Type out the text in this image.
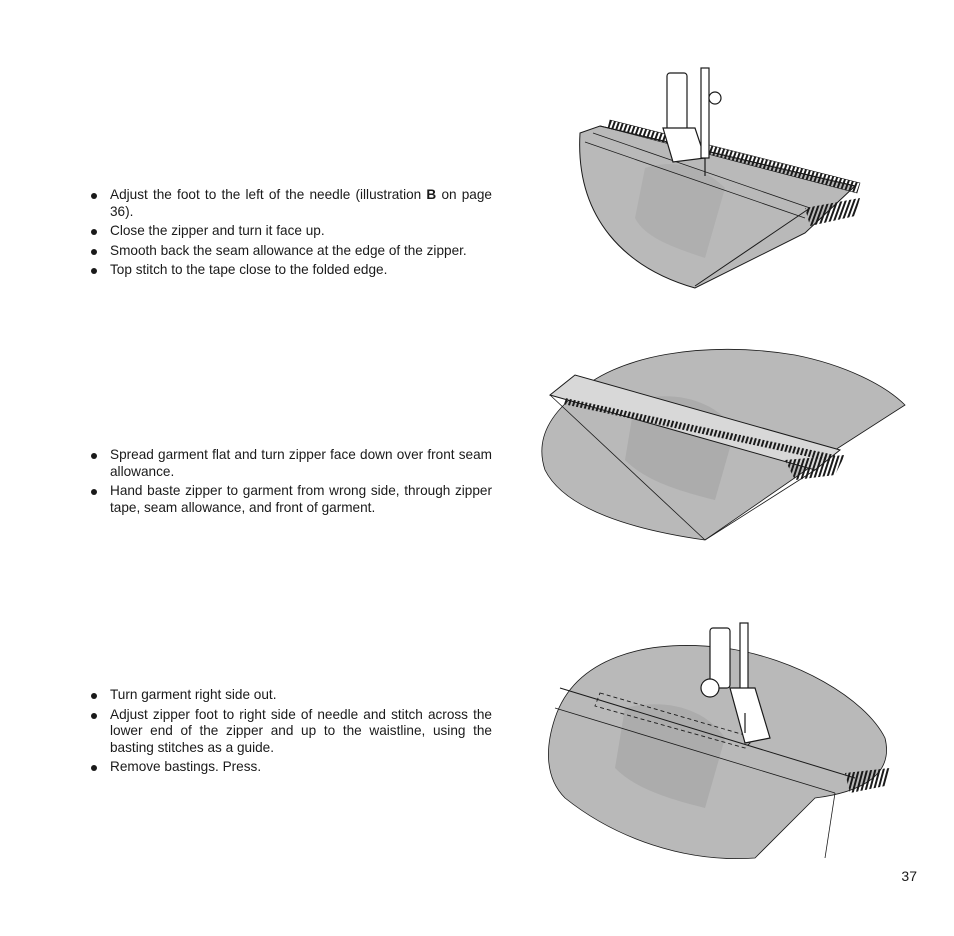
Adjust the foot to the left of the needle (illustration B on page 36).
Close the zipper and turn it face up.
Smooth back the seam allowance at the edge of the zipper.
Top stitch to the tape close to the folded edge.
Spread garment flat and turn zipper face down over front seam allowance.
Hand baste zipper to garment from wrong side, through zipper tape, seam allowance, and front of garment.
Turn garment right side out.
Adjust zipper foot to right side of needle and stitch across the lower end of the zipper and up to the waistline, using the basting stitches as a guide.
Remove bastings. Press.
37
